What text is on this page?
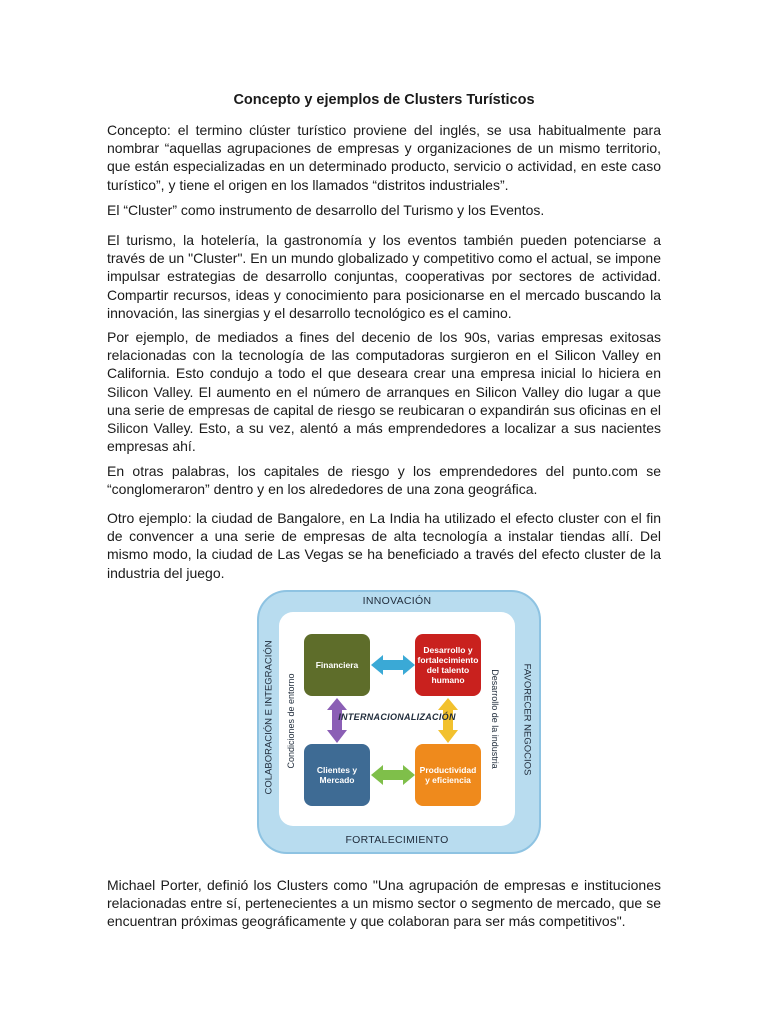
Concepto y ejemplos de Clusters Turísticos

Concepto: el termino clúster turístico proviene del inglés, se usa habitualmente para nombrar “aquellas agrupaciones de empresas y organizaciones de un mismo territorio, que están especializadas en un determinado producto, servicio o actividad, en este caso turístico”, y tiene el origen en los llamados “distritos industriales”.

El “Cluster” como instrumento de desarrollo del Turismo y los Eventos.

El turismo, la hotelería, la gastronomía y los eventos también pueden potenciarse a través de un "Cluster". En un mundo globalizado y competitivo como el actual, se impone impulsar estrategias de desarrollo conjuntas, cooperativas por sectores de actividad. Compartir recursos, ideas y conocimiento para posicionarse en el mercado buscando la innovación, las sinergias y el desarrollo tecnológico es el camino.

Por ejemplo, de mediados a fines del decenio de los 90s, varias empresas exitosas relacionadas con la tecnología de las computadoras surgieron en el Silicon Valley en California. Esto condujo a todo el que deseara crear una empresa inicial lo hiciera en Silicon Valley. El aumento en el número de arranques en Silicon Valley dio lugar a que una serie de empresas de capital de riesgo se reubicaran o expandirán sus oficinas en el Silicon Valley. Esto, a su vez, alentó a más emprendedores a localizar a sus nacientes empresas ahí.

En otras palabras, los capitales de riesgo y los emprendedores del punto.com se “conglomeraron” dentro y en los alrededores de una zona geográfica.

Otro ejemplo: la ciudad de Bangalore, en La India ha utilizado el efecto cluster con el fin de convencer a una serie de empresas de alta tecnología a instalar tiendas allí. Del mismo modo, la ciudad de Las Vegas se ha beneficiado a través del efecto cluster de la industria del juego.

INNOVACIÓN
FORTALECIMIENTO
COLABORACIÓN E INTEGRACIÓN	FAVORECER NEGOCIOS
Condiciones de entorno	Desarrollo de la industria
INTERNACIONALIZACIÓN
Financiera
Desarrollo y fortalecimiento del talento humano
Clientes y Mercado
Productividad y eficiencia

Michael Porter, definió los Clusters como "Una agrupación de empresas e instituciones relacionadas entre sí, pertenecientes a un mismo sector o segmento de mercado, que se encuentran próximas geográficamente y que colaboran para ser más competitivos".
